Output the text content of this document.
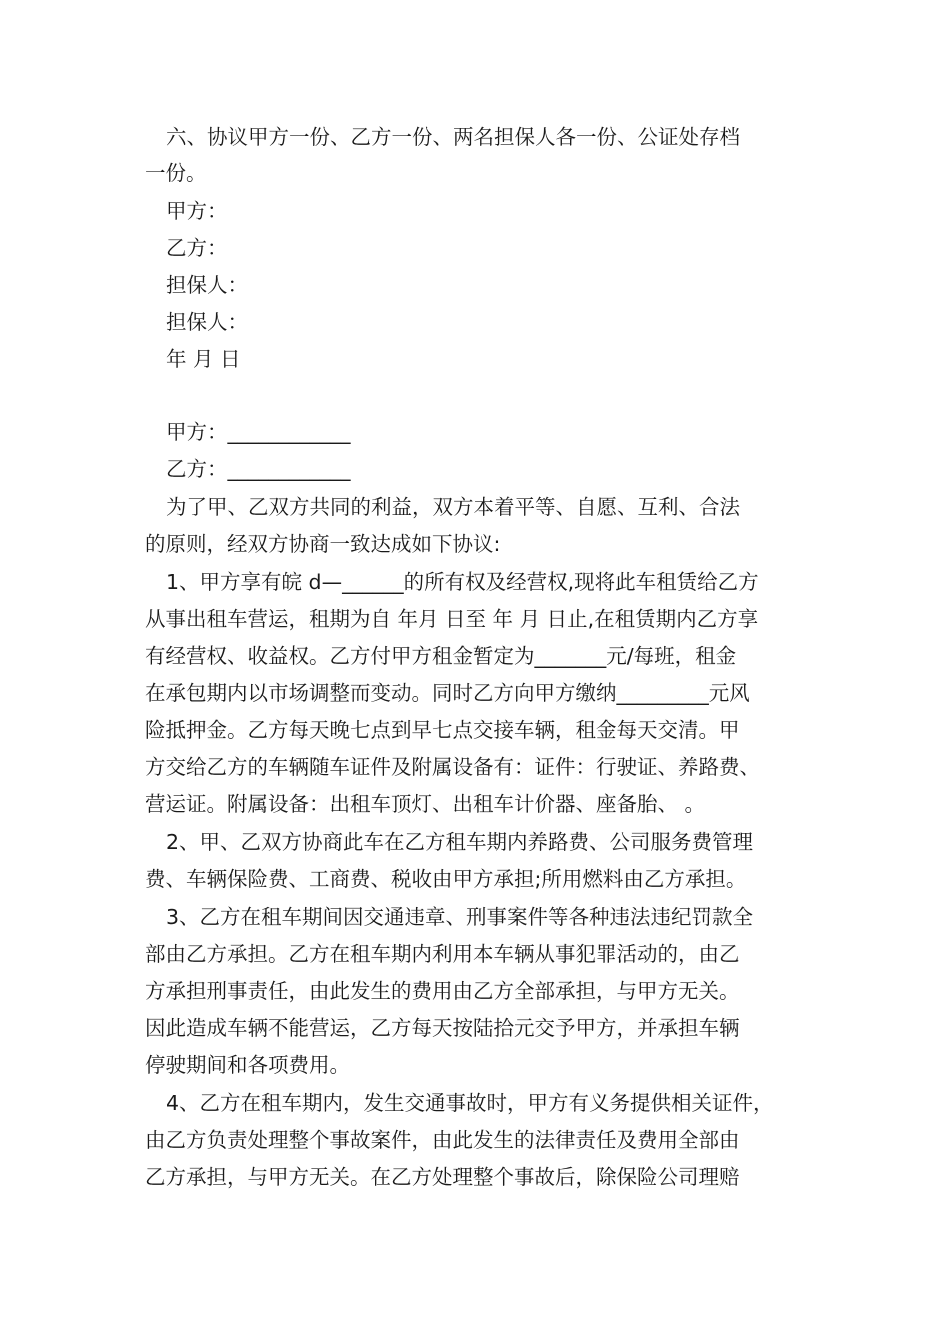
六、协议甲方一份、乙方一份、两名担保人各一份、公证处存档
一份。
甲方：
乙方：
担保人：
担保人：
年 月 日
甲方：____________
乙方：____________
为了甲、乙双方共同的利益，双方本着平等、自愿、互利、合法
的原则，经双方协商一致达成如下协议:
1、甲方享有皖 d—______的所有权及经营权,现将此车租赁给乙方
从事出租车营运，租期为自 年月 日至 年 月 日止,在租赁期内乙方享
有经营权、收益权。乙方付甲方租金暂定为_______元/每班，租金
在承包期内以市场调整而变动。同时乙方向甲方缴纳_________元风
险抵押金。乙方每天晚七点到早七点交接车辆，租金每天交清。甲
方交给乙方的车辆随车证件及附属设备有：证件：行驶证、养路费、
营运证。附属设备：出租车顶灯、出租车计价器、座备胎、 。
2、甲、乙双方协商此车在乙方租车期内养路费、公司服务费管理
费、车辆保险费、工商费、税收由甲方承担;所用燃料由乙方承担。
3、乙方在租车期间因交通违章、刑事案件等各种违法违纪罚款全
部由乙方承担。乙方在租车期内利用本车辆从事犯罪活动的，由乙
方承担刑事责任，由此发生的费用由乙方全部承担，与甲方无关。
因此造成车辆不能营运，乙方每天按陆拾元交予甲方，并承担车辆
停驶期间和各项费用。
4、乙方在租车期内，发生交通事故时，甲方有义务提供相关证件，
由乙方负责处理整个事故案件，由此发生的法律责任及费用全部由
乙方承担，与甲方无关。在乙方处理整个事故后，除保险公司理赔
